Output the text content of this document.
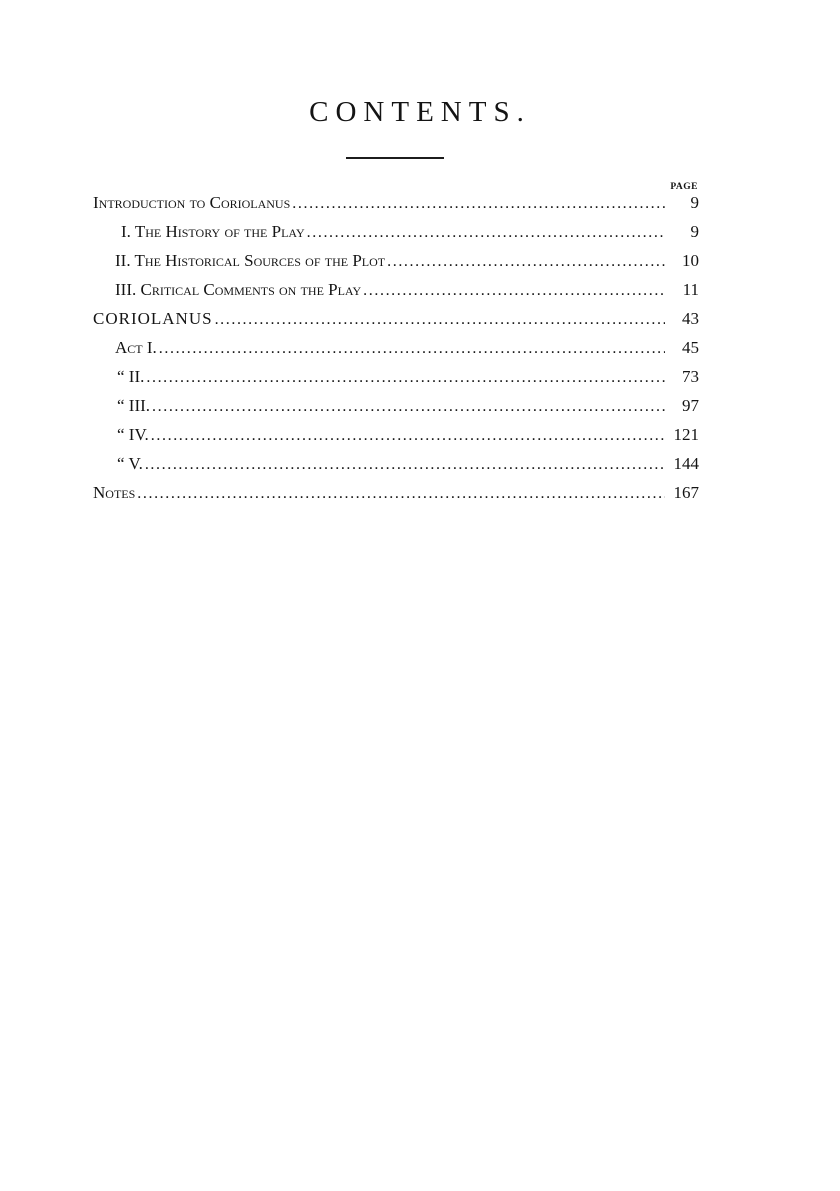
CONTENTS.
PAGE
Introduction to Coriolanus .....	9
I. The History of the Play .....	9
II. The Historical Sources of the Plot .....	10
III. Critical Comments on the Play .....	11
CORIOLANUS .....	43
Act I. .....	45
“ II. .....	73
“ III. .....	97
“ IV. .....	121
“ V. .....	144
Notes .....	167
